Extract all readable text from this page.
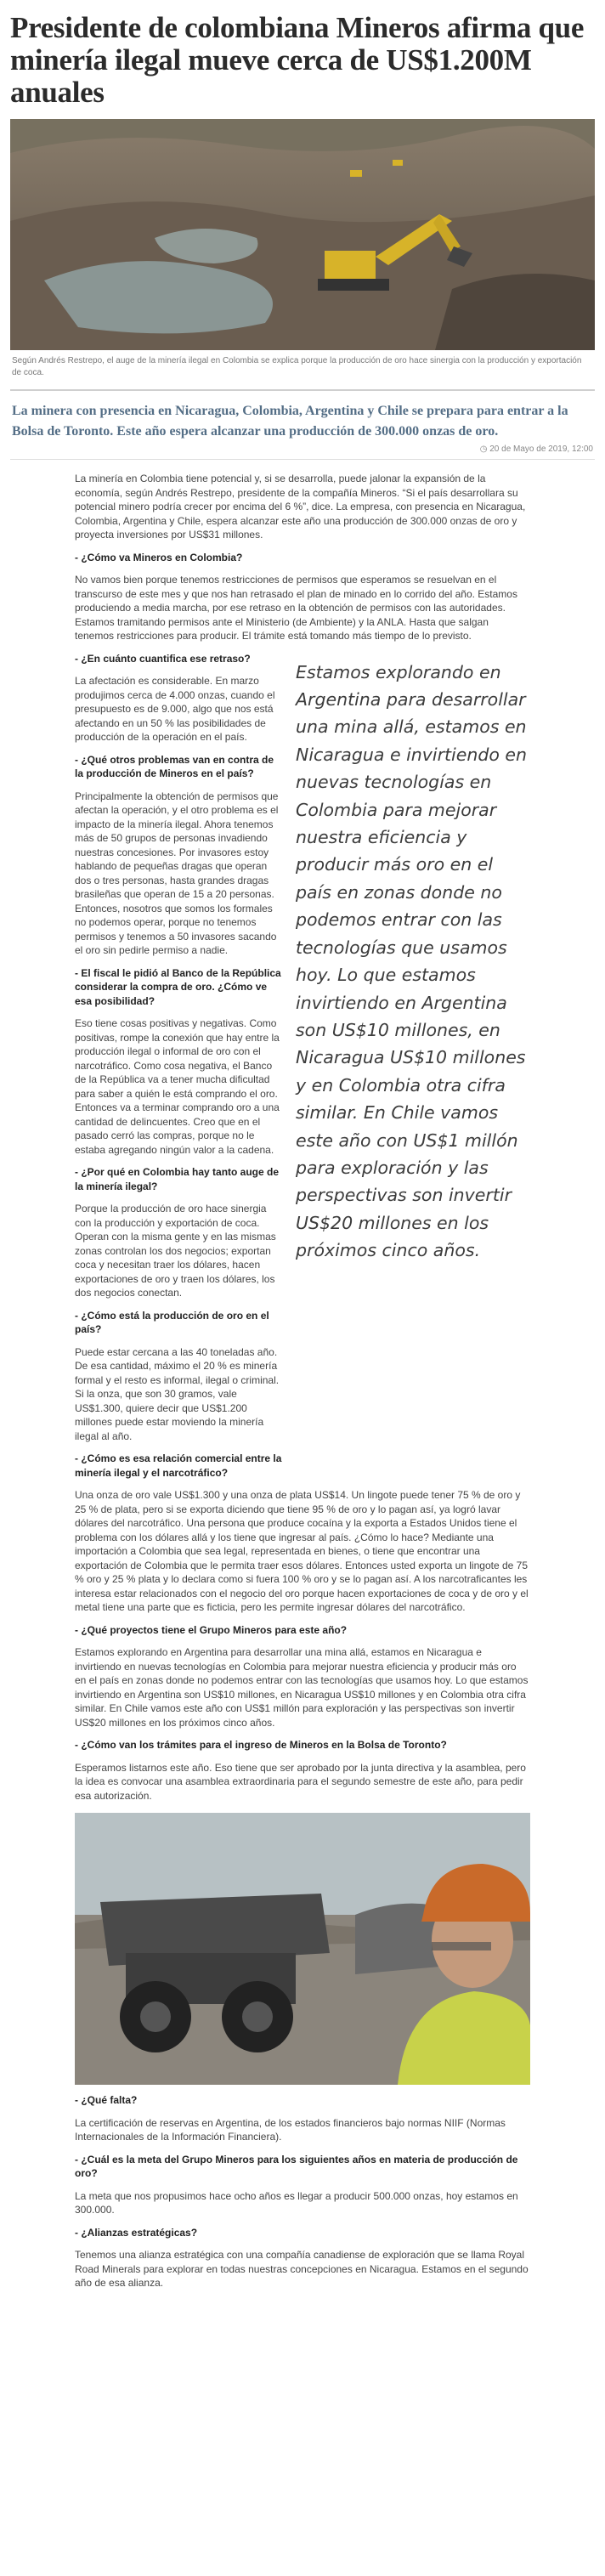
Presidente de colombiana Mineros afirma que minería ilegal mueve cerca de US$1.200M anuales

Según Andrés Restrepo, el auge de la minería ilegal en Colombia se explica porque la producción de oro hace sinergia con la producción y exportación de coca.

La minera con presencia en Nicaragua, Colombia, Argentina y Chile se prepara para entrar a la Bolsa de Toronto. Este año espera alcanzar una producción de 300.000 onzas de oro.

◷ 20 de Mayo de 2019, 12:00

La minería en Colombia tiene potencial y, si se desarrolla, puede jalonar la expansión de la economía, según Andrés Restrepo, presidente de la compañía Mineros. “Si el país desarrollara su potencial minero podría crecer por encima del 6 %”, dice. La empresa, con presencia en Nicaragua, Colombia, Argentina y Chile, espera alcanzar este año una producción de 300.000 onzas de oro y proyecta inversiones por US$31 millones.

- ¿Cómo va Mineros en Colombia?

No vamos bien porque tenemos restricciones de permisos que esperamos se resuelvan en el transcurso de este mes y que nos han retrasado el plan de minado en lo corrido del año. Estamos produciendo a media marcha, por ese retraso en la obtención de permisos con las autoridades. Estamos tramitando permisos ante el Ministerio (de Ambiente) y la ANLA. Hasta que salgan tenemos restricciones para producir. El trámite está tomando más tiempo de lo previsto.

- ¿En cuánto cuantifica ese retraso?

La afectación es considerable. En marzo produjimos cerca de 4.000 onzas, cuando el presupuesto es de 9.000, algo que nos está afectando en un 50 % las posibilidades de producción de la operación en el país.

- ¿Qué otros problemas van en contra de la producción de Mineros en el país?

Principalmente la obtención de permisos que afectan la operación, y el otro problema es el impacto de la minería ilegal. Ahora tenemos más de 50 grupos de personas invadiendo nuestras concesiones. Por invasores estoy hablando de pequeñas dragas que operan dos o tres personas, hasta grandes dragas brasileñas que operan de 15 a 20 personas. Entonces, nosotros que somos los formales no podemos operar, porque no tenemos permisos y tenemos a 50 invasores sacando el oro sin pedirle permiso a nadie.

- El fiscal le pidió al Banco de la República considerar la compra de oro. ¿Cómo ve esa posibilidad?

Eso tiene cosas positivas y negativas. Como positivas, rompe la conexión que hay entre la producción ilegal o informal de oro con el narcotráfico. Como cosa negativa, el Banco de la República va a tener mucha dificultad para saber a quién le está comprando el oro. Entonces va a terminar comprando oro a una cantidad de delincuentes. Creo que en el pasado cerró las compras, porque no le estaba agregando ningún valor a la cadena.

- ¿Por qué en Colombia hay tanto auge de la minería ilegal?

Porque la producción de oro hace sinergia con la producción y exportación de coca. Operan con la misma gente y en las mismas zonas controlan los dos negocios; exportan coca y necesitan traer los dólares, hacen exportaciones de oro y traen los dólares, los dos negocios conectan.

- ¿Cómo está la producción de oro en el país?

Puede estar cercana a las 40 toneladas año. De esa cantidad, máximo el 20 % es minería formal y el resto es informal, ilegal o criminal. Si la onza, que son 30 gramos, vale US$1.300, quiere decir que US$1.200 millones puede estar moviendo la minería ilegal al año.

- ¿Cómo es esa relación comercial entre la minería ilegal y el narcotráfico?

Estamos explorando en Argentina para desarrollar una mina allá, estamos en Nicaragua e invirtiendo en nuevas tecnologías en Colombia para mejorar nuestra eficiencia y producir más oro en el país en zonas donde no podemos entrar con las tecnologías que usamos hoy. Lo que estamos invirtiendo en Argentina son US$10 millones, en Nicaragua US$10 millones y en Colombia otra cifra similar. En Chile vamos este año con US$1 millón para exploración y las perspectivas son invertir US$20 millones en los próximos cinco años.

Una onza de oro vale US$1.300 y una onza de plata US$14. Un lingote puede tener 75 % de oro y 25 % de plata, pero si se exporta diciendo que tiene 95 % de oro y lo pagan así, ya logró lavar dólares del narcotráfico. Una persona que produce cocaína y la exporta a Estados Unidos tiene el problema con los dólares allá y los tiene que ingresar al país. ¿Cómo lo hace? Mediante una importación a Colombia que sea legal, representada en bienes, o tiene que encontrar una exportación de Colombia que le permita traer esos dólares. Entonces usted exporta un lingote de 75 % oro y 25 % plata y lo declara como si fuera 100 % oro y se lo pagan así. A los narcotraficantes les interesa estar relacionados con el negocio del oro porque hacen exportaciones de coca y de oro y el metal tiene una parte que es ficticia, pero les permite ingresar dólares del narcotráfico.

- ¿Qué proyectos tiene el Grupo Mineros para este año?

Estamos explorando en Argentina para desarrollar una mina allá, estamos en Nicaragua e invirtiendo en nuevas tecnologías en Colombia para mejorar nuestra eficiencia y producir más oro en el país en zonas donde no podemos entrar con las tecnologías que usamos hoy. Lo que estamos invirtiendo en Argentina son US$10 millones, en Nicaragua US$10 millones y en Colombia otra cifra similar. En Chile vamos este año con US$1 millón para exploración y las perspectivas son invertir US$20 millones en los próximos cinco años.

- ¿Cómo van los trámites para el ingreso de Mineros en la Bolsa de Toronto?

Esperamos listarnos este año. Eso tiene que ser aprobado por la junta directiva y la asamblea, pero la idea es convocar una asamblea extraordinaria para el segundo semestre de este año, para pedir esa autorización.

- ¿Qué falta?

La certificación de reservas en Argentina, de los estados financieros bajo normas NIIF (Normas Internacionales de la Información Financiera).

- ¿Cuál es la meta del Grupo Mineros para los siguientes años en materia de producción de oro?

La meta que nos propusimos hace ocho años es llegar a producir 500.000 onzas, hoy estamos en 300.000.

- ¿Alianzas estratégicas?

Tenemos una alianza estratégica con una compañía canadiense de exploración que se llama Royal Road Minerals para explorar en todas nuestras concepciones en Nicaragua. Estamos en el segundo año de esa alianza.
